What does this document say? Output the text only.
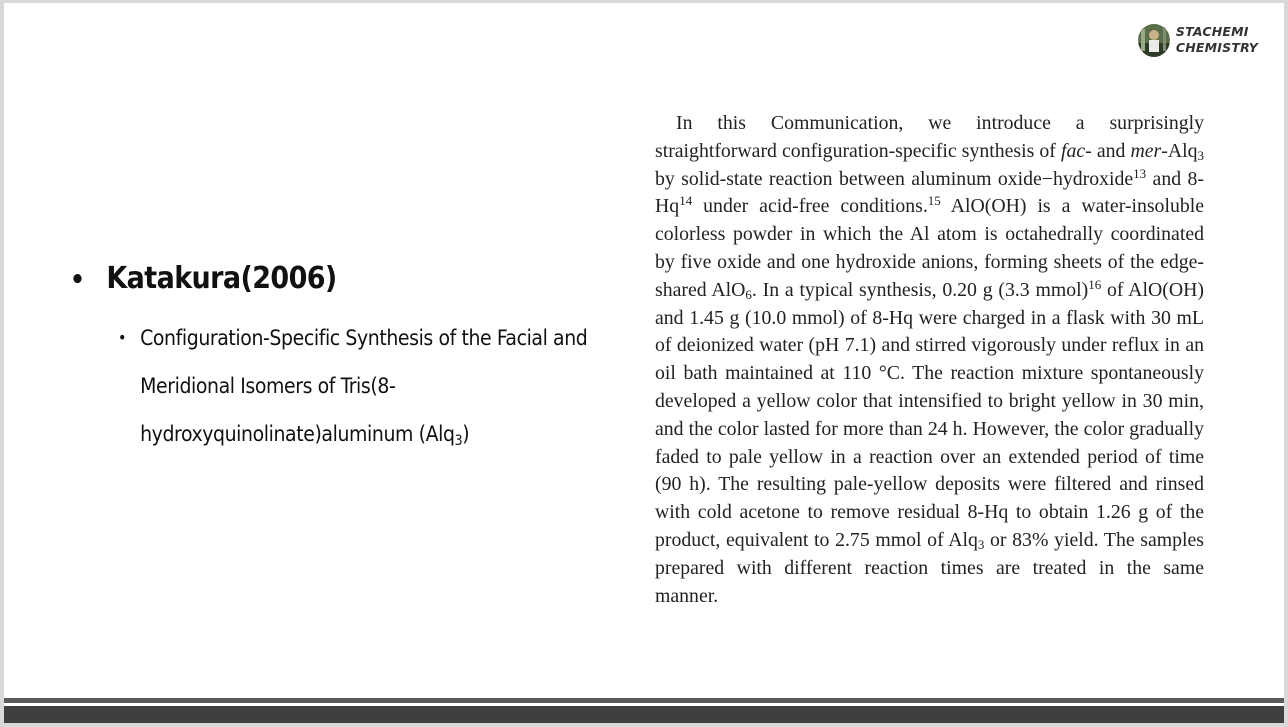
STACHEMI
CHEMISTRY
• Katakura(2006)
• Configuration-Specific Synthesis of the Facial and Meridional Isomers of Tris(8-hydroxyquinolinate)aluminum (Alq$_3$)
In this Communication, we introduce a surprisingly straightforward configuration-specific synthesis of fac- and mer-Alq$_3$ by solid-state reaction between aluminum oxide−hydroxide$^{13}$ and 8-Hq$^{14}$ under acid-free conditions.$^{15}$ AlO(OH) is a water-insoluble colorless powder in which the Al atom is octahedrally coordinated by five oxide and one hydroxide anions, forming sheets of the edge-shared AlO$_6$. In a typical synthesis, 0.20 g (3.3 mmol)$^{16}$ of AlO(OH) and 1.45 g (10.0 mmol) of 8-Hq were charged in a flask with 30 mL of deionized water (pH 7.1) and stirred vigorously under reflux in an oil bath maintained at 110 °C. The reaction mixture spontaneously developed a yellow color that intensified to bright yellow in 30 min, and the color lasted for more than 24 h. However, the color gradually faded to pale yellow in a reaction over an extended period of time (90 h). The resulting pale-yellow deposits were filtered and rinsed with cold acetone to remove residual 8-Hq to obtain 1.26 g of the product, equivalent to 2.75 mmol of Alq$_3$ or 83% yield. The samples prepared with different reaction times are treated in the same manner.
